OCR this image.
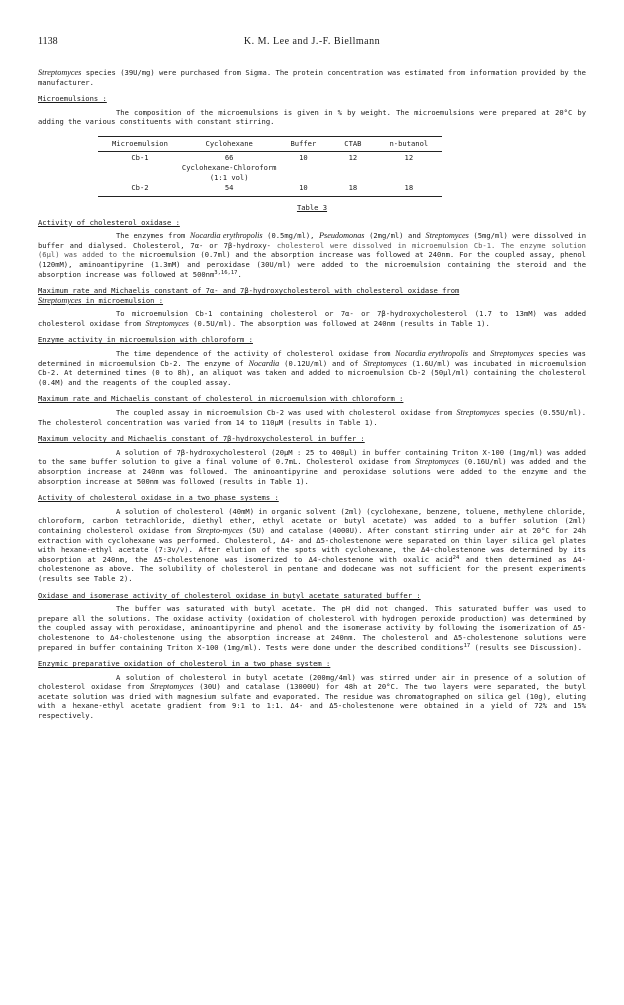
1138	K. M. Lee and J.-F. Biellmann

Streptomyces species (39U/mg) were purchased from Sigma. The protein concentration was estimated from information provided by the manufacturer.

Microemulsions :

The composition of the microemulsions is given in % by weight. The microemulsions were prepared at 20°C by adding the various constituents with constant stirring.

Microemulsion	Cyclohexane	Buffer	CTAB	n-butanol
Cb-1	66	10	12	12
	Cyclohexane-Chloroform			
	(1:1 vol)			
Cb-2	54	10	18	18
Table 3
Activity of cholesterol oxidase :

The enzymes from Nocardia erythropolis (0.5mg/ml), Pseudomonas (2mg/ml) and Streptomyces (5mg/ml) were dissolved in buffer and dialysed. Cholesterol, 7α- or 7β-hydroxy- cholesterol were dissolved in microemulsion Cb-1. The enzyme solution (6µl) was added to the microemulsion (0.7ml) and the absorption increase was followed at 240nm. For the coupled assay, phenol (120mM), aminoantipyrine (1.3mM) and peroxidase (30U/ml) were added to the microemulsion containing the steroid and the absorption increase was followed at 500nm$^{3,16,17}$.

Maximum rate and Michaelis constant of 7α- and 7β-hydroxycholesterol with cholesterol oxidase from
Streptomyces in microemulsion :

To microemulsion Cb-1 containing cholesterol or 7α- or 7β-hydroxycholesterol (1.7 to 13mM) was added cholesterol oxidase from Streptomyces (0.5U/ml). The absorption was followed at 240nm (results in Table 1).

Enzyme activity in microemulsion with chloroform :

The time dependence of the activity of cholesterol oxidase from Nocardia erythropolis and Streptomyces species was determined in microemulsion Cb-2. The enzyme of Nocardia (0.12U/ml) and of Streptomyces (1.6U/ml) was incubated in microemulsion Cb-2. At determined times (0 to 8h), an aliquot was taken and added to microemulsion Cb-2 (50µl/ml) containing the cholesterol (0.4M) and the reagents of the coupled assay.

Maximum rate and Michaelis constant of cholesterol in microemulsion with chloroform :

The coupled assay in microemulsion Cb-2 was used with cholesterol oxidase from Streptomyces species (0.55U/ml). The cholesterol concentration was varied from 14 to 110µM (results in Table 1).

Maximum velocity and Michaelis constant of 7β-hydroxycholesterol in buffer :

A solution of 7β-hydroxycholesterol (20µM : 25 to 400µl) in buffer containing Triton X-100 (1mg/ml) was added to the same buffer solution to give a final volume of 0.7mL. Cholesterol oxidase from Streptomyces (0.16U/ml) was added and the absorption increase at 240nm was followed. The aminoantipyrine and peroxidase solutions were added to the enzyme and the absorption increase at 500nm was followed (results in Table 1).

Activity of cholesterol oxidase in a two phase systems :

A solution of cholesterol (40mM) in organic solvent (2ml) (cyclohexane, benzene, toluene, methylene chloride, chloroform, carbon tetrachloride, diethyl ether, ethyl acetate or butyl acetate) was added to a buffer solution (2ml) containing cholesterol oxidase from Strepto-myces (5U) and catalase (4000U). After constant stirring under air at 20°C for 24h extraction with cyclohexane was performed. Cholesterol, Δ4- and Δ5-cholestenone were separated on thin layer silica gel plates with hexane-ethyl acetate (7:3v/v). After elution of the spots with cyclohexane, the Δ4-cholestenone was determined by its absorption at 240nm, the Δ5-cholestenone was isomerized to Δ4-cholestenone with oxalic acid$^{24}$ and then determined as Δ4-cholestenone as above. The solubility of cholesterol in pentane and dodecane was not sufficient for the present experiments (results see Table 2).

Oxidase and isomerase activity of cholesterol oxidase in butyl acetate saturated buffer :

The buffer was saturated with butyl acetate. The pH did not changed. This saturated buffer was used to prepare all the solutions. The oxidase activity (oxidation of cholesterol with hydrogen peroxide production) was determined by the coupled assay with peroxidase, aminoantipyrine and phenol and the isomerase activity by following the isomerization of Δ5-cholestenone to Δ4-cholestenone using the absorption increase at 240nm. The cholesterol and Δ5-cholestenone solutions were prepared in buffer containing Triton X-100 (1mg/ml). Tests were done under the described conditions$^{17}$ (results see Discussion).

Enzymic preparative oxidation of cholesterol in a two phase system :

A solution of cholesterol in butyl acetate (200mg/4ml) was stirred under air in presence of a solution of cholesterol oxidase from Streptomyces (30U) and catalase (13000U) for 48h at 20°C. The two layers were separated, the butyl acetate solution was dried with magnesium sulfate and evaporated. The residue was chromatographed on silica gel (10g), eluting with a hexane-ethyl acetate gradient from 9:1 to 1:1. Δ4- and Δ5-cholestenone were obtained in a yield of 72% and 15% respectively.
